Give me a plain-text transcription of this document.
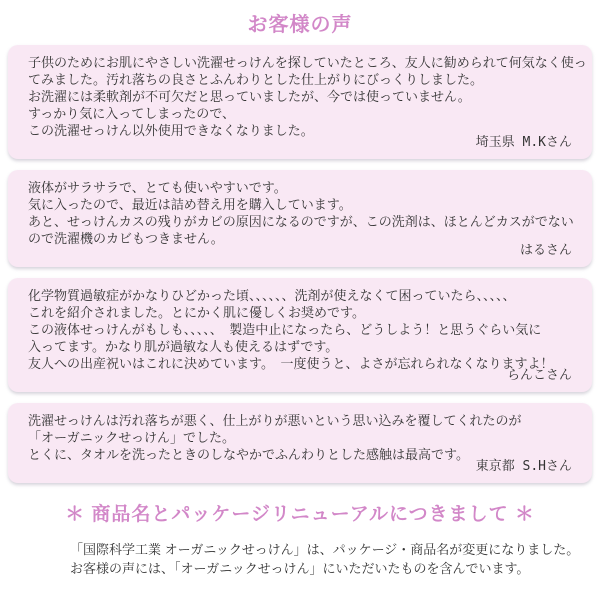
お客様の声
子供のためにお肌にやさしい洗濯せっけんを探していたところ、友人に勧められて何気なく使っ
てみました。汚れ落ちの良さとふんわりとした仕上がりにびっくりしました。
お洗濯には柔軟剤が不可欠だと思っていましたが、今では使っていません。
すっかり気に入ってしまったので、
この洗濯せっけん以外使用できなくなりました。
埼玉県 M.Kさん
液体がサラサラで、とても使いやすいです。
気に入ったので、最近は詰め替え用を購入しています。
あと、せっけんカスの残りがカビの原因になるのですが、この洗剤は、ほとんどカスがでない
ので洗濯機のカビもつきません。
はるさん
化学物質過敏症がかなりひどかった頃、、、、、、洗剤が使えなくて困っていたら、、、、、
これを紹介されました。とにかく肌に優しくお奨めです。
この液体せっけんがもしも、、、、、　製造中止になったら、どうしよう！と思うぐらい気に
入ってます。かなり肌が過敏な人も使えるはずです。
友人への出産祝いはこれに決めています。　一度使うと、よさが忘れられなくなりますよ！
らんこさん
洗濯せっけんは汚れ落ちが悪く、仕上がりが悪いという思い込みを覆してくれたのが
「オーガニックせっけん」でした。
とくに、タオルを洗ったときのしなやかでふんわりとした感触は最高です。
東京都 S.Hさん
＊ 商品名とパッケージリニューアルにつきまして ＊
「国際科学工業 オーガニックせっけん」は、パッケージ・商品名が変更になりました。
お客様の声には、「オーガニックせっけん」にいただいたものを含んでいます。
